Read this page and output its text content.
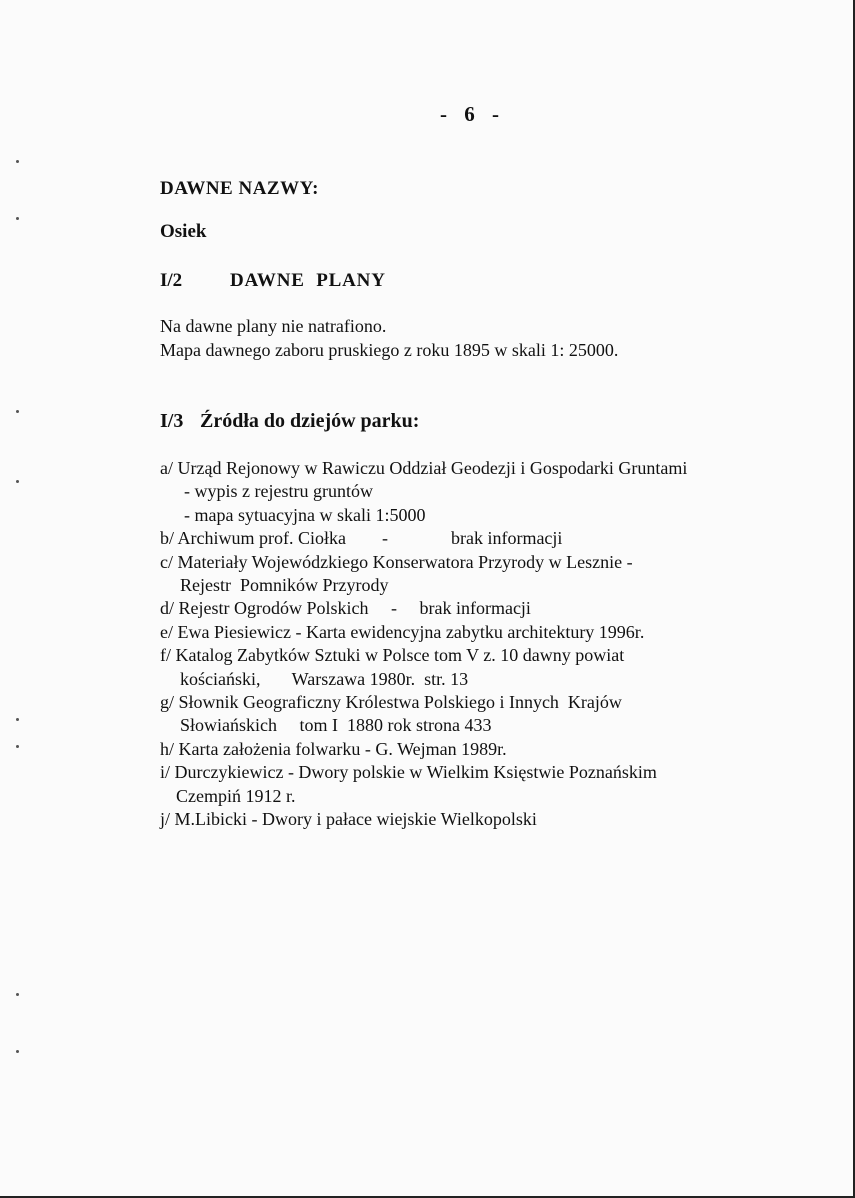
- 6 -
DAWNE NAZWY:
Osiek
I/2	DAWNE PLANY
Na dawne plany nie natrafiono.
Mapa dawnego zaboru pruskiego z roku 1895 w skali 1: 25000.
I/3 Źródła do dziejów parku:
a/ Urząd Rejonowy w Rawiczu Oddział Geodezji i Gospodarki Gruntami
- wypis z rejestru gruntów
- mapa sytuacyjna w skali 1:5000
b/ Archiwum prof. Ciołka        -              brak informacji
c/ Materiały Wojewódzkiego Konserwatora Przyrody w Lesznie -
Rejestr  Pomników Przyrody
d/ Rejestr Ogrodów Polskich     -     brak informacji
e/ Ewa Piesiewicz - Karta ewidencyjna zabytku architektury 1996r.
f/ Katalog Zabytków Sztuki w Polsce tom V z. 10 dawny powiat
kościański,       Warszawa 1980r.  str. 13
g/ Słownik Geograficzny Królestwa Polskiego i Innych  Krajów
Słowiańskich     tom I  1880 rok strona 433
h/ Karta założenia folwarku - G. Wejman 1989r.
i/ Durczykiewicz - Dwory polskie w Wielkim Księstwie Poznańskim
Czempiń 1912 r.
j/ M.Libicki - Dwory i pałace wiejskie Wielkopolski
